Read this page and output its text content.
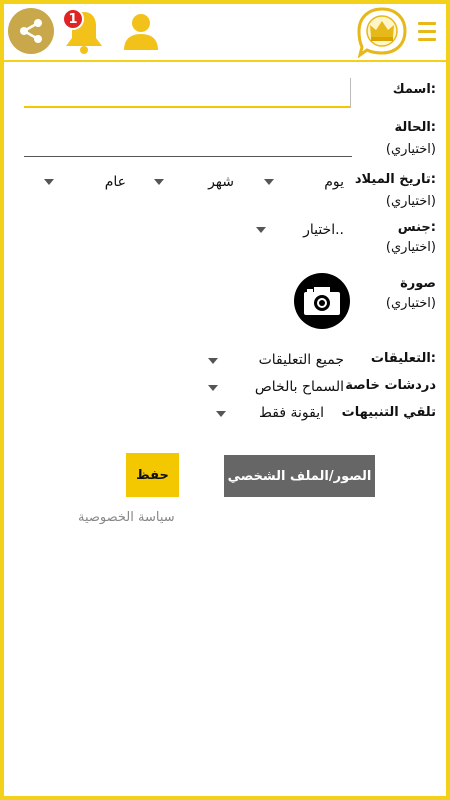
1
اسمك:
الحالة:
(اختياري)
تاريخ الميلاد:
(اختياري)
يوم
شهر
عام
جنس:
(اختياري)
اختيار..
صورة
(اختياري)
التعليقات:
جميع التعليقات
دردشات خاصة
السماح بالخاص
تلقي التنبيهات
ايقونة فقط
حفظ	الصور/الملف الشخصي
سياسة الخصوصية
